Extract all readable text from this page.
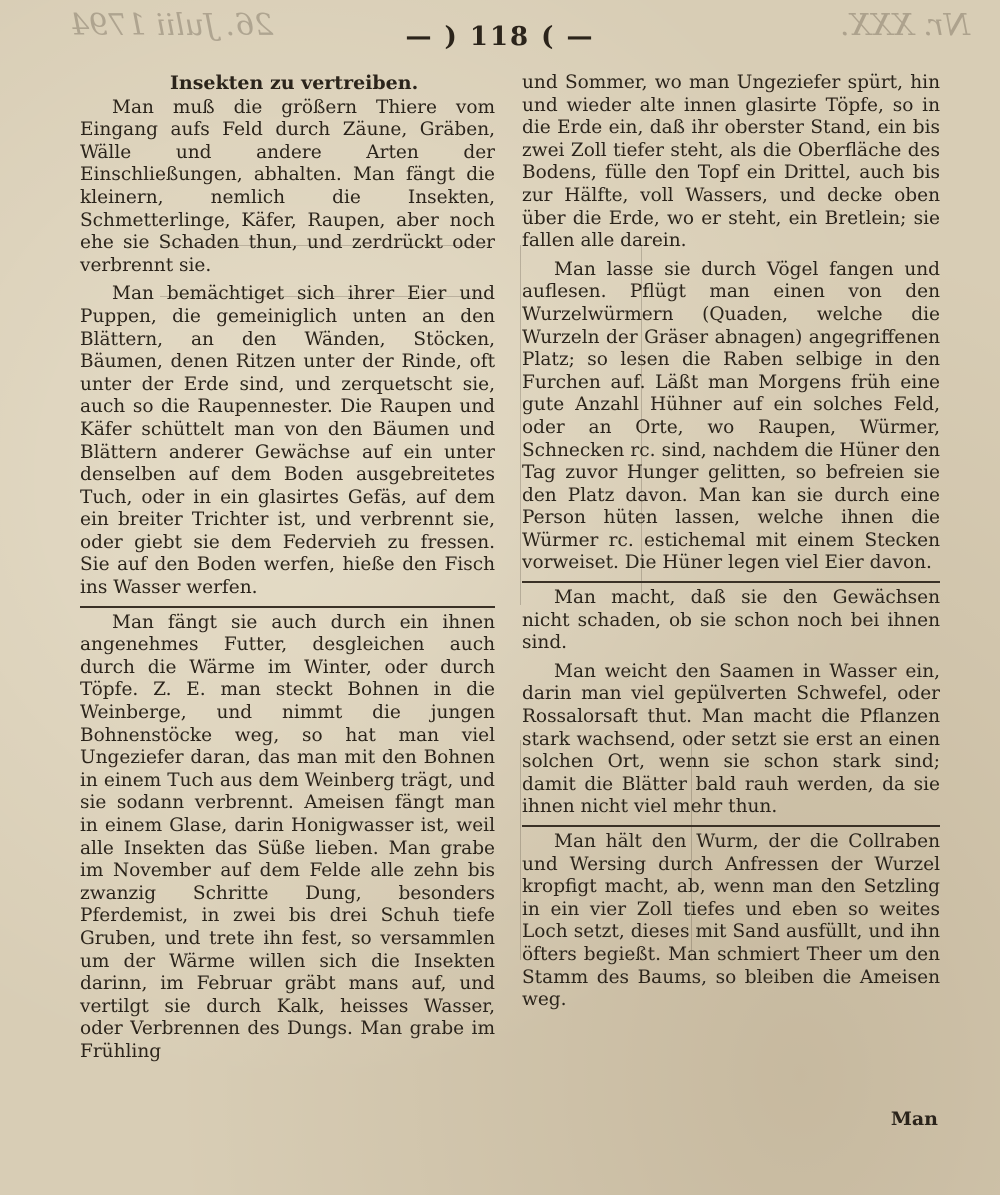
26. Julii 1794	Nr. XXX.
— ) 118 ( —
Insekten zu vertreiben.

Man muß die größern Thiere vom Eingang aufs Feld durch Zäune, Gräben, Wälle und andere Arten der Einschließungen, abhalten. Man fängt die kleinern, nemlich die Insekten, Schmetterlinge, Käfer, Raupen, aber noch ehe sie Schaden thun, und zerdrückt oder verbrennt sie.

Man bemächtiget sich ihrer Eier und Puppen, die gemeiniglich unten an den Blättern, an den Wänden, Stöcken, Bäumen, denen Ritzen unter der Rinde, oft unter der Erde sind, und zerquetscht sie, auch so die Raupennester. Die Raupen und Käfer schüttelt man von den Bäumen und Blättern anderer Gewächse auf ein unter denselben auf dem Boden ausgebreitetes Tuch, oder in ein glasirtes Gefäs, auf dem ein breiter Trichter ist, und verbrennt sie, oder giebt sie dem Federvieh zu fressen. Sie auf den Boden werfen, hieße den Fisch ins Wasser werfen.

Man fängt sie auch durch ein ihnen angenehmes Futter, desgleichen auch durch die Wärme im Winter, oder durch Töpfe. Z. E. man steckt Bohnen in die Weinberge, und nimmt die jungen Bohnenstöcke weg, so hat man viel Ungeziefer daran, das man mit den Bohnen in einem Tuch aus dem Weinberg trägt, und sie sodann verbrennt. Ameisen fängt man in einem Glase, darin Honigwasser ist, weil alle Insekten das Süße lieben. Man grabe im November auf dem Felde alle zehn bis zwanzig Schritte Dung, besonders Pferdemist, in zwei bis drei Schuh tiefe Gruben, und trete ihn fest, so versammlen um der Wärme willen sich die Insekten darinn, im Februar gräbt mans auf, und vertilgt sie durch Kalk, heisses Wasser, oder Verbrennen des Dungs. Man grabe im Frühling

und Sommer, wo man Ungeziefer spürt, hin und wieder alte innen glasirte Töpfe, so in die Erde ein, daß ihr oberster Stand, ein bis zwei Zoll tiefer steht, als die Oberfläche des Bodens, fülle den Topf ein Drittel, auch bis zur Hälfte, voll Wassers, und decke oben über die Erde, wo er steht, ein Bretlein; sie fallen alle darein.

Man lasse sie durch Vögel fangen und auflesen. Pflügt man einen von den Wurzelwürmern (Quaden, welche die Wurzeln der Gräser abnagen) angegriffenen Platz; so lesen die Raben selbige in den Furchen auf. Läßt man Morgens früh eine gute Anzahl Hühner auf ein solches Feld, oder an Orte, wo Raupen, Würmer, Schnecken rc. sind, nachdem die Hüner den Tag zuvor Hunger gelitten, so befreien sie den Platz davon. Man kan sie durch eine Person hüten lassen, welche ihnen die Würmer rc. estichemal mit einem Stecken vorweiset. Die Hüner legen viel Eier davon.

Man macht, daß sie den Gewächsen nicht schaden, ob sie schon noch bei ihnen sind.

Man weicht den Saamen in Wasser ein, darin man viel gepülverten Schwefel, oder Rossalorsaft thut. Man macht die Pflanzen stark wachsend, oder setzt sie erst an einen solchen Ort, wenn sie schon stark sind; damit die Blätter bald rauh werden, da sie ihnen nicht viel mehr thun.

Man hält den Wurm, der die Collraben und Wersing durch Anfressen der Wurzel kropfigt macht, ab, wenn man den Setzling in ein vier Zoll tiefes und eben so weites Loch setzt, dieses mit Sand ausfüllt, und ihn öfters begießt. Man schmiert Theer um den Stamm des Baums, so bleiben die Ameisen weg.

Man
